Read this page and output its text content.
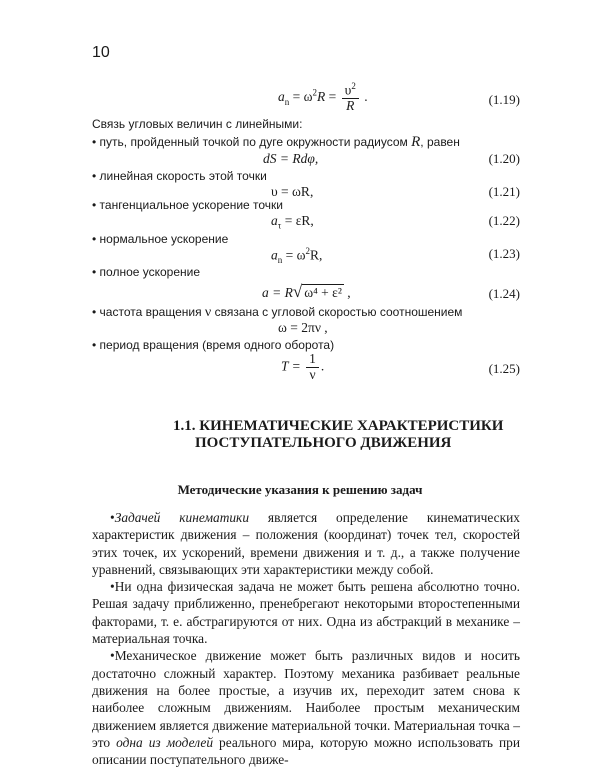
10
$a_n = \omega^2R = \frac{\upsilon^2}{R}$ .	(1.19)
Связь угловых величин с линейными:
• путь, пройденный точкой по дуге окружности радиусом R, равен
dS = Rdφ,	(1.20)
• линейная скорость этой точки
υ = ωR,	(1.21)
• тангенциальное ускорение точки
$a_\tau = \varepsilon R$,	(1.22)
• нормальное ускорение
$a_n = \omega^2R$,	(1.23)
• полное ускорение
a = R√ ω⁴ + ε² ,	(1.24)
• частота вращения ν связана с угловой скоростью соотношением
ω = 2πν ,
• период вращения (время одного оборота)
$T = \frac{1}{\nu}$ .	(1.25)
1.1. КИНЕМАТИЧЕСКИЕ ХАРАКТЕРИСТИКИ
ПОСТУПАТЕЛЬНОГО ДВИЖЕНИЯ
Методические указания к решению задач

•Задачей кинематики является определение кинематических характеристик движения – положения (координат) точек тел, скоростей этих точек, их ускорений, времени движения и т. д., а также получение уравнений, связывающих эти характеристики между собой.

•Ни одна физическая задача не может быть решена абсолютно точно. Решая задачу приближенно, пренебрегают некоторыми второстепенными факторами, т. е. абстрагируются от них. Одна из абстракций в механике – материальная точка.

•Механическое движение может быть различных видов и носить достаточно сложный характер. Поэтому механика разбивает реальные движения на более простые, а изучив их, переходит затем снова к наиболее сложным движениям. Наиболее простым механическим движением является движение материальной точки. Материальная точка – это одна из моделей реального мира, которую можно использовать при описании поступательного движе-
